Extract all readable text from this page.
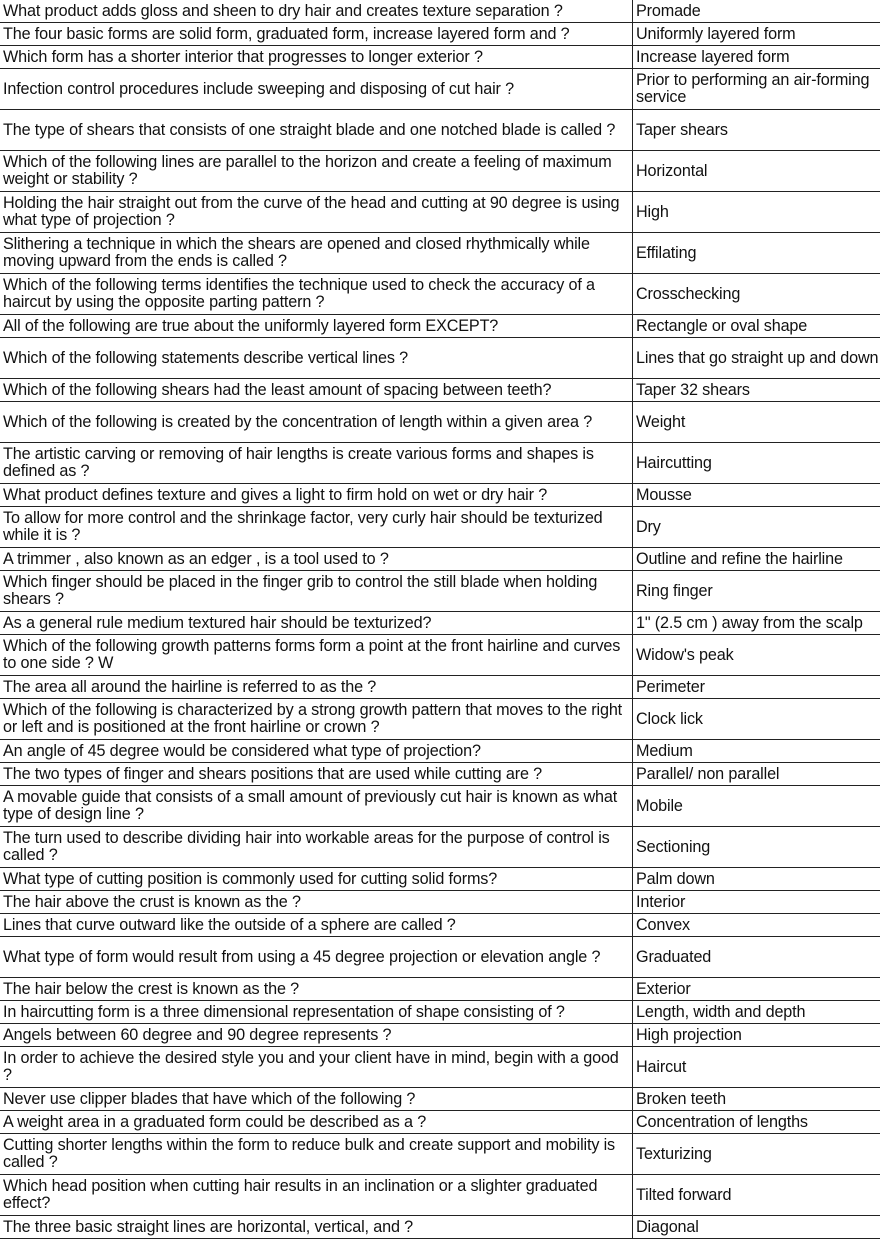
What product adds gloss and sheen to dry hair and creates texture separation ?	Promade
The four basic forms are solid form, graduated form, increase layered form and ?	Uniformly layered form
Which form has a shorter interior that progresses to longer exterior ?	Increase layered form
Infection control procedures include sweeping and disposing of cut hair ?	Prior to performing an air-forming service
The type of shears that consists of one straight blade and one notched blade is called ?	Taper shears
Which of the following lines are parallel to the horizon and create a feeling of maximum weight or stability ?	Horizontal
Holding the hair straight out from the curve of the head and cutting at 90 degree is using what type of projection ?	High
Slithering a technique in which the shears are opened and closed rhythmically while moving upward from the ends is called ?	Effilating
Which of the following terms identifies the technique used to check the accuracy of a haircut by using the opposite parting pattern ?	Crosschecking
All of the following are true about the uniformly layered form EXCEPT?	Rectangle or oval shape
Which of the following statements describe vertical lines ?	Lines that go straight up and down
Which of the following shears had the least amount of spacing between teeth?	Taper 32 shears
Which of the following is created by the concentration of length within a given area ?	Weight
The artistic carving or removing of hair lengths is create various forms and shapes is defined as ?	Haircutting
What product defines texture and gives a light to firm hold on wet or dry hair ?	Mousse
To allow for more control and the shrinkage factor, very curly hair should be texturized while it is ?	Dry
A trimmer , also known as an edger , is a tool used to ?	Outline and refine the hairline
Which finger should be placed in the finger grib to control the still blade when holding shears ?	Ring finger
As a general rule medium textured hair should be texturized?	1" (2.5 cm ) away from the scalp
Which of the following growth patterns forms form a point at the front hairline and curves to one side ? W	Widow's peak
The area all around the hairline is referred to as the ?	Perimeter
Which of the following is characterized by a strong growth pattern that moves to the right or left and is positioned at the front hairline or crown ?	Clock lick
An angle of 45 degree would be considered what type of projection?	Medium
The two types of finger and shears positions that are used while cutting are ?	Parallel/ non parallel
A movable guide that consists of a small amount of previously cut hair is known as what type of design line ?	Mobile
The turn used to describe dividing hair into workable areas for the purpose of control is called ?	Sectioning
What type of cutting position is commonly used for cutting solid forms?	Palm down
The hair above the crust is known as the ?	Interior
Lines that curve outward like the outside of a sphere are called ?	Convex
What type of form would result from using a 45 degree projection or elevation angle ?	Graduated
The hair below the crest is known as the ?	Exterior
In haircutting form is a three dimensional representation of shape consisting of ?	Length, width and depth
Angels between 60 degree and 90 degree represents ?	High projection
In order to achieve the desired style you and your client have in mind, begin with a good ?	Haircut
Never use clipper blades that have which of the following ?	Broken teeth
A weight area in a graduated form could be described as a ?	Concentration of lengths
Cutting shorter lengths within the form to reduce bulk and create support and mobility is called ?	Texturizing
Which head position when cutting hair results in an inclination or a slighter graduated effect?	Tilted forward
The three basic straight lines are horizontal, vertical, and ?	Diagonal
